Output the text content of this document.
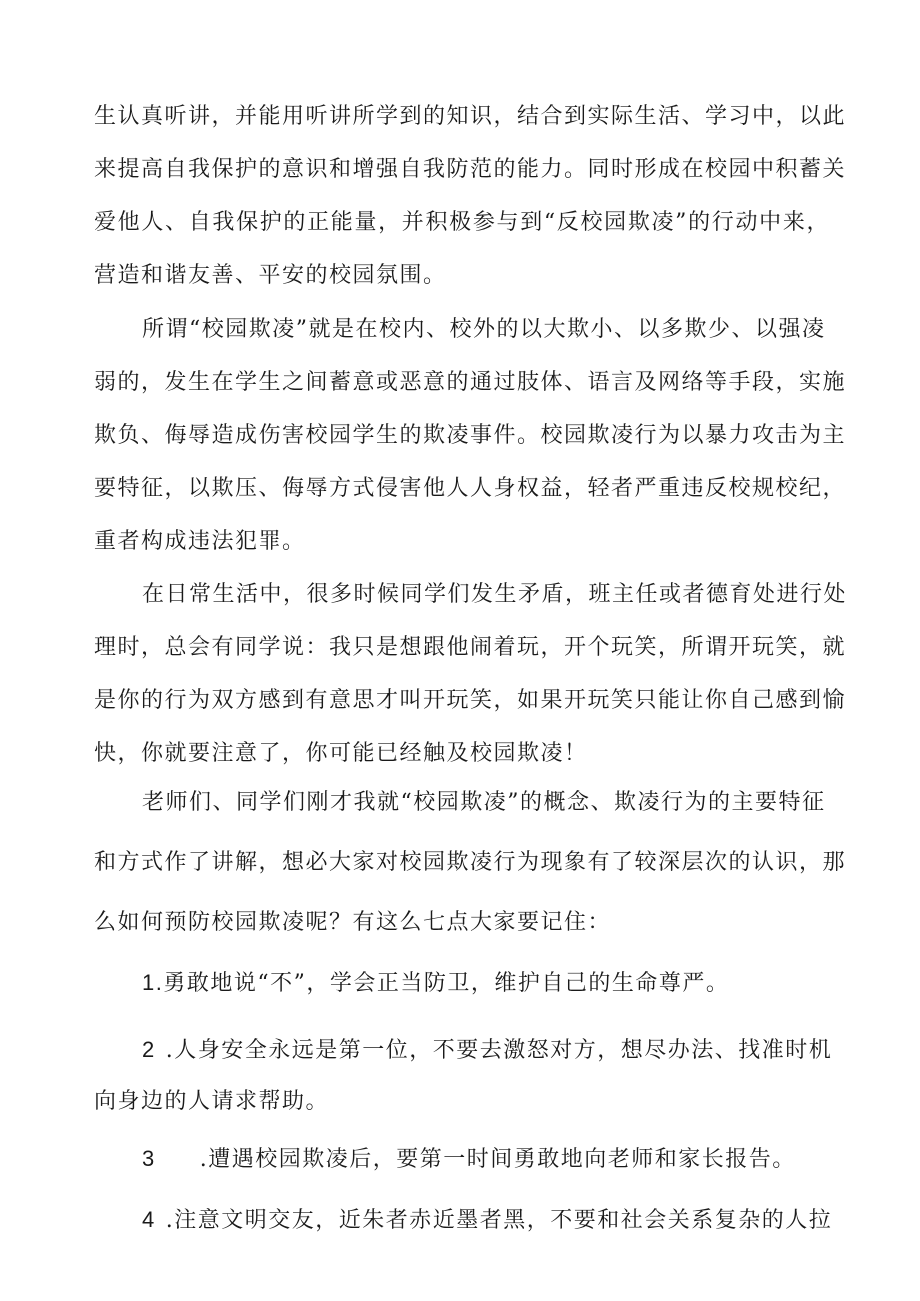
生认真听讲，并能用听讲所学到的知识，结合到实际生活、学习中，以此
来提高自我保护的意识和增强自我防范的能力。同时形成在校园中积蓄关
爱他人、自我保护的正能量，并积极参与到“反校园欺凌”的行动中来，
营造和谐友善、平安的校园氛围。
所谓“校园欺凌”就是在校内、校外的以大欺小、以多欺少、以强凌
弱的，发生在学生之间蓄意或恶意的通过肢体、语言及网络等手段，实施
欺负、侮辱造成伤害校园学生的欺凌事件。校园欺凌行为以暴力攻击为主
要特征，以欺压、侮辱方式侵害他人人身权益，轻者严重违反校规校纪，
重者构成违法犯罪。
在日常生活中，很多时候同学们发生矛盾，班主任或者德育处进行处
理时，总会有同学说：我只是想跟他闹着玩，开个玩笑，所谓开玩笑，就
是你的行为双方感到有意思才叫开玩笑，如果开玩笑只能让你自己感到愉
快，你就要注意了，你可能已经触及校园欺凌！
老师们、同学们刚才我就“校园欺凌”的概念、欺凌行为的主要特征
和方式作了讲解，想必大家对校园欺凌行为现象有了较深层次的认识，那
么如何预防校园欺凌呢？有这么七点大家要记住：
1.勇敢地说“不”，学会正当防卫，维护自己的生命尊严。
2 .人身安全永远是第一位，不要去激怒对方，想尽办法、找准时机
向身边的人请求帮助。
3 .遭遇校园欺凌后，要第一时间勇敢地向老师和家长报告。
4 .注意文明交友，近朱者赤近墨者黑，不要和社会关系复杂的人拉
